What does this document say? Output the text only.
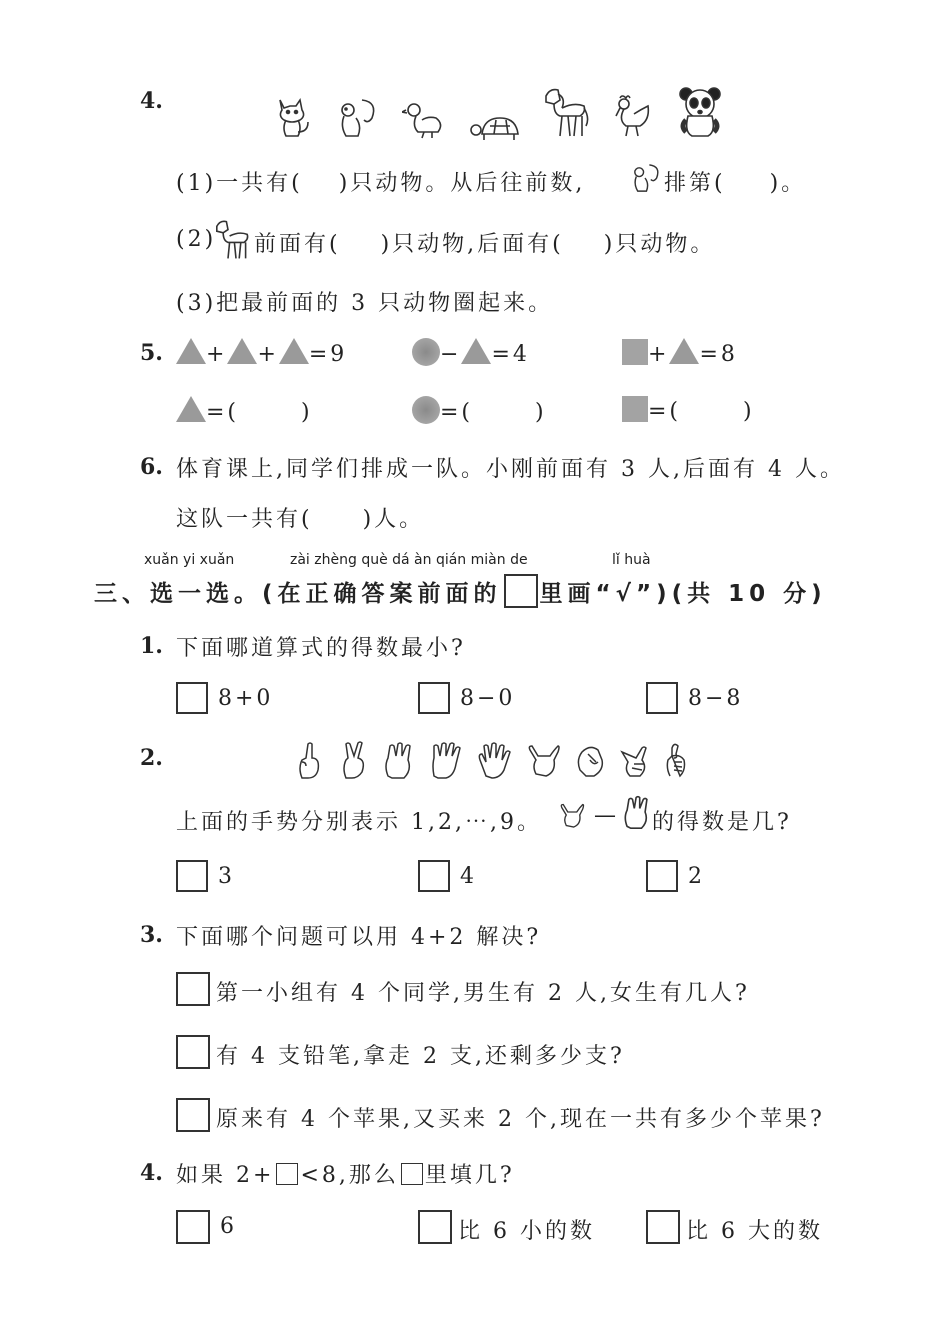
4.
(1)一共有( )只动物。从后往前数,	排第( )。
(2) 前面有( )只动物,后面有( )只动物。
(3)把最前面的 3 只动物圈起来。
5.	+ + =9	− =4	+ =8
=(	)	=(	)	=(	)
6. 体育课上,同学们排成一队。小刚前面有 3 人,后面有 4 人。
这队一共有(　　)人。
xuǎn yi xuǎn	zài zhèng què dá àn qián miàn de	lǐ huà
三、选一选。(在正确答案前面的 里画“√”)(共 10 分)
1. 下面哪道算式的得数最小?
8+0	8−0	8−8
2.
上面的手势分别表示 1,2,⋯,9。 — 的得数是几?
3	4	2
3. 下面哪个问题可以用 4+2 解决?
第一小组有 4 个同学,男生有 2 人,女生有几人?
有 4 支铅笔,拿走 2 支,还剩多少支?
原来有 4 个苹果,又买来 2 个,现在一共有多少个苹果?
4. 如果 2+ <8,那么 里填几?
6	比 6 小的数	比 6 大的数
